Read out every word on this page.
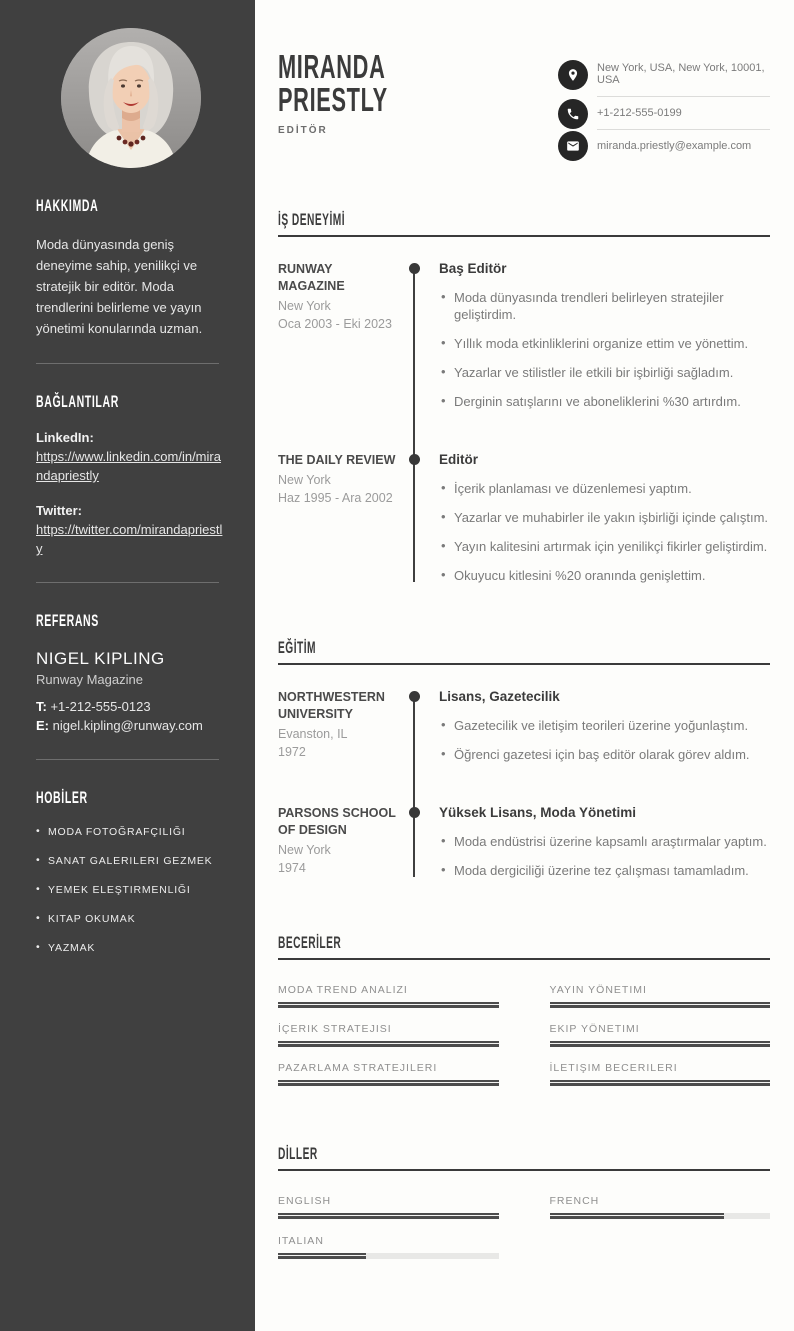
HAKKIMDA

Moda dünyasında geniş deneyime sahip, yenilikçi ve stratejik bir editör. Moda trendlerini belirleme ve yayın yönetimi konularında uzman.

BAĞLANTILAR
LinkedIn:
https://www.linkedin.com/in/mirandapriestly
Twitter:
https://twitter.com/mirandapriestly
REFERANS
NIGEL KIPLING
Runway Magazine
T: +1-212-555-0123
E: nigel.kipling@runway.com
HOBİLER
• MODA FOTOĞRAFÇILIĞI
• SANAT GALERILERI GEZMEK
• YEMEK ELEŞTIRMENLIĞI
• KITAP OKUMAK
• YAZMAK
MIRANDA
PRIESTLY
EDİTÖR
New York, USA, New York, 10001, USA
+1-212-555-0199
miranda.priestly@example.com
İŞ DENEYİMİ
RUNWAY MAGAZINE
New York
Oca 2003 - Eki 2023
Baş Editör
• Moda dünyasında trendleri belirleyen stratejiler geliştirdim.
• Yıllık moda etkinliklerini organize ettim ve yönettim.
• Yazarlar ve stilistler ile etkili bir işbirliği sağladım.
• Derginin satışlarını ve aboneliklerini %30 artırdım.
THE DAILY REVIEW
New York
Haz 1995 - Ara 2002
Editör
• İçerik planlaması ve düzenlemesi yaptım.
• Yazarlar ve muhabirler ile yakın işbirliği içinde çalıştım.
• Yayın kalitesini artırmak için yenilikçi fikirler geliştirdim.
• Okuyucu kitlesini %20 oranında genişlettim.
EĞİTİM
NORTHWESTERN UNIVERSITY
Evanston, IL
1972
Lisans, Gazetecilik
• Gazetecilik ve iletişim teorileri üzerine yoğunlaştım.
• Öğrenci gazetesi için baş editör olarak görev aldım.
PARSONS SCHOOL OF DESIGN
New York
1974
Yüksek Lisans, Moda Yönetimi
• Moda endüstrisi üzerine kapsamlı araştırmalar yaptım.
• Moda dergiciliği üzerine tez çalışması tamamladım.
BECERİLER
MODA TREND ANALIZI	YAYIN YÖNETIMI
İÇERIK STRATEJISI	EKIP YÖNETIMI
PAZARLAMA STRATEJILERI	İLETIŞIM BECERILERI
DİLLER
ENGLISH	FRENCH
ITALIAN
